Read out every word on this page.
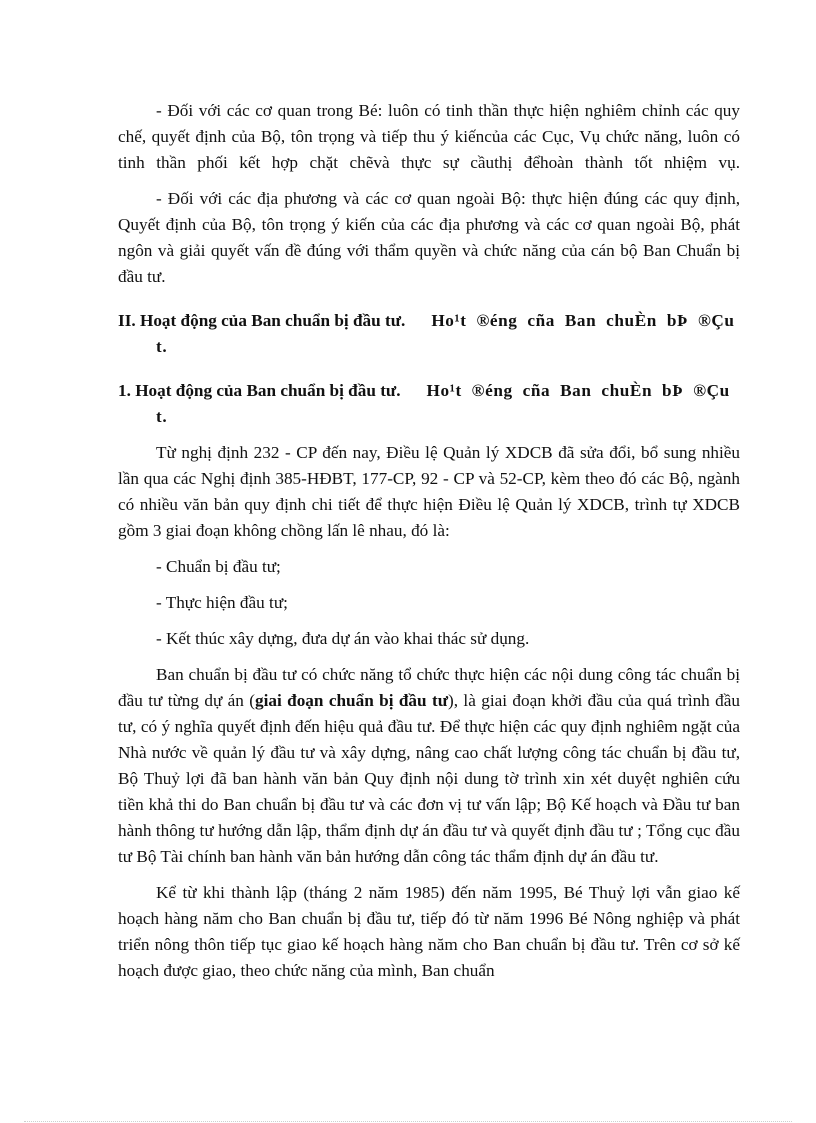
- Đối với các cơ quan trong Bé: luôn có tinh thần thực hiện nghiêm chỉnh các quy chế, quyết định của Bộ, tôn trọng và tiếp thu ý kiếncủa các Cục, Vụ chức năng, luôn có tinh thần phối kết hợp chặt chẽvà thực sự cầuthị đểhoàn thành tốt nhiệm vụ.

- Đối với các địa phương và các cơ quan ngoài Bộ: thực hiện đúng các quy định, Quyết định của Bộ, tôn trọng ý kiến của các địa phương và các cơ quan ngoài Bộ, phát ngôn và giải quyết vấn đề đúng với thẩm quyền và chức năng của cán bộ Ban Chuẩn bị đầu tư.

II. Hoạt động của Ban chuẩn bị đầu tư. Ho¹t ®éng cña Ban chuÈn bÞ ®Çu t.

1. Hoạt động của Ban chuẩn bị đầu tư. Ho¹t ®éng cña Ban chuÈn bÞ ®Çu t.

Từ nghị định 232 - CP đến nay, Điều lệ Quản lý XDCB đã sửa đổi, bổ sung nhiều lần qua các Nghị định 385-HĐBT, 177-CP, 92 - CP và 52-CP, kèm theo đó các Bộ, ngành có nhiều văn bản quy định chi tiết để thực hiện Điều lệ Quản lý XDCB, trình tự XDCB gồm 3 giai đoạn không chồng lấn lê nhau, đó là:

- Chuẩn bị đầu tư;

- Thực hiện đầu tư;

- Kết thúc xây dựng, đưa dự án vào khai thác sử dụng.

Ban chuẩn bị đầu tư có chức năng tổ chức thực hiện các nội dung công tác chuẩn bị đầu tư từng dự án (giai đoạn chuẩn bị đầu tư), là giai đoạn khởi đầu của quá trình đầu tư, có ý nghĩa quyết định đến hiệu quả đầu tư. Để thực hiện các quy định nghiêm ngặt của Nhà nước về quản lý đầu tư và xây dựng, nâng cao chất lượng công tác chuẩn bị đầu tư, Bộ Thuỷ lợi đã ban hành văn bản Quy định nội dung tờ trình xin xét duyệt nghiên cứu tiền khả thi do Ban chuẩn bị đầu tư và các đơn vị tư vấn lập; Bộ Kế hoạch và Đầu tư ban hành thông tư hướng dẫn lập, thẩm định dự án đầu tư và quyết định đầu tư ; Tổng cục đầu tư Bộ Tài chính ban hành văn bản hướng dẫn công tác thẩm định dự án đầu tư.

Kể từ khi thành lập (tháng 2 năm 1985) đến năm 1995, Bé Thuỷ lợi vẫn giao kế hoạch hàng năm cho Ban chuẩn bị đầu tư, tiếp đó từ năm 1996 Bé Nông nghiệp và phát triển nông thôn tiếp tục giao kế hoạch hàng năm cho Ban chuẩn bị đầu tư. Trên cơ sở kế hoạch được giao, theo chức năng của mình, Ban chuẩn
